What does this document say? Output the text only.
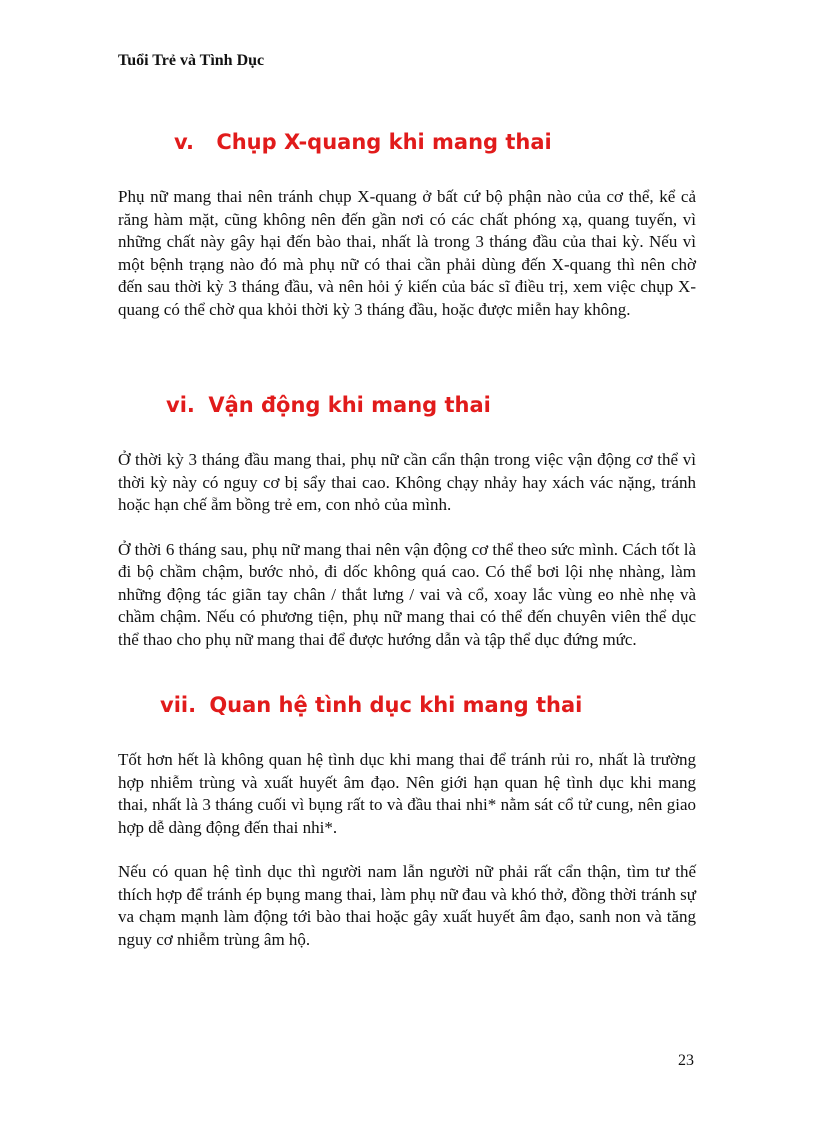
Tuổi Trẻ và Tình Dục
v. Chụp X-quang khi mang thai

Phụ nữ mang thai nên tránh chụp X-quang ở bất cứ bộ phận nào của cơ thể, kể cả răng hàm mặt, cũng không nên đến gần nơi có các chất phóng xạ, quang tuyến, vì những chất này gây hại đến bào thai, nhất là trong 3 tháng đầu của thai kỳ. Nếu vì một bệnh trạng nào đó mà phụ nữ có thai cần phải dùng đến X-quang thì nên chờ đến sau thời kỳ 3 tháng đầu, và nên hỏi ý kiến của bác sĩ điều trị, xem việc chụp X-quang có thể chờ qua khỏi thời kỳ 3 tháng đầu, hoặc được miễn hay không.

vi. Vận động khi mang thai

Ở thời kỳ 3 tháng đầu mang thai, phụ nữ cần cẩn thận trong việc vận động cơ thể vì thời kỳ này có nguy cơ bị sẩy thai cao. Không chạy nhảy hay xách vác nặng, tránh hoặc hạn chế ẵm bồng trẻ em, con nhỏ của mình.

Ở thời 6 tháng sau, phụ nữ mang thai nên vận động cơ thể theo sức mình. Cách tốt là đi bộ chầm chậm, bước nhỏ, đi dốc không quá cao. Có thể bơi lội nhẹ nhàng, làm những động tác giãn tay chân / thắt lưng / vai và cổ, xoay lắc vùng eo nhè nhẹ và chầm chậm. Nếu có phương tiện, phụ nữ mang thai có thể đến chuyên viên thể dục thể thao cho phụ nữ mang thai để được hướng dẫn và tập thể dục đứng mức.

vii. Quan hệ tình dục khi mang thai

Tốt hơn hết là không quan hệ tình dục khi mang thai để tránh rủi ro, nhất là trường hợp nhiễm trùng và xuất huyết âm đạo. Nên giới hạn quan hệ tình dục khi mang thai, nhất là 3 tháng cuối vì bụng rất to và đầu thai nhi* nằm sát cổ tử cung, nên giao hợp dễ dàng động đến thai nhi*.

Nếu có quan hệ tình dục thì người nam lẫn người nữ phải rất cẩn thận, tìm tư thế thích hợp để tránh ép bụng mang thai, làm phụ nữ đau và khó thở, đồng thời tránh sự va chạm mạnh làm động tới bào thai hoặc gây xuất huyết âm đạo, sanh non và tăng nguy cơ nhiễm trùng âm hộ.

23
